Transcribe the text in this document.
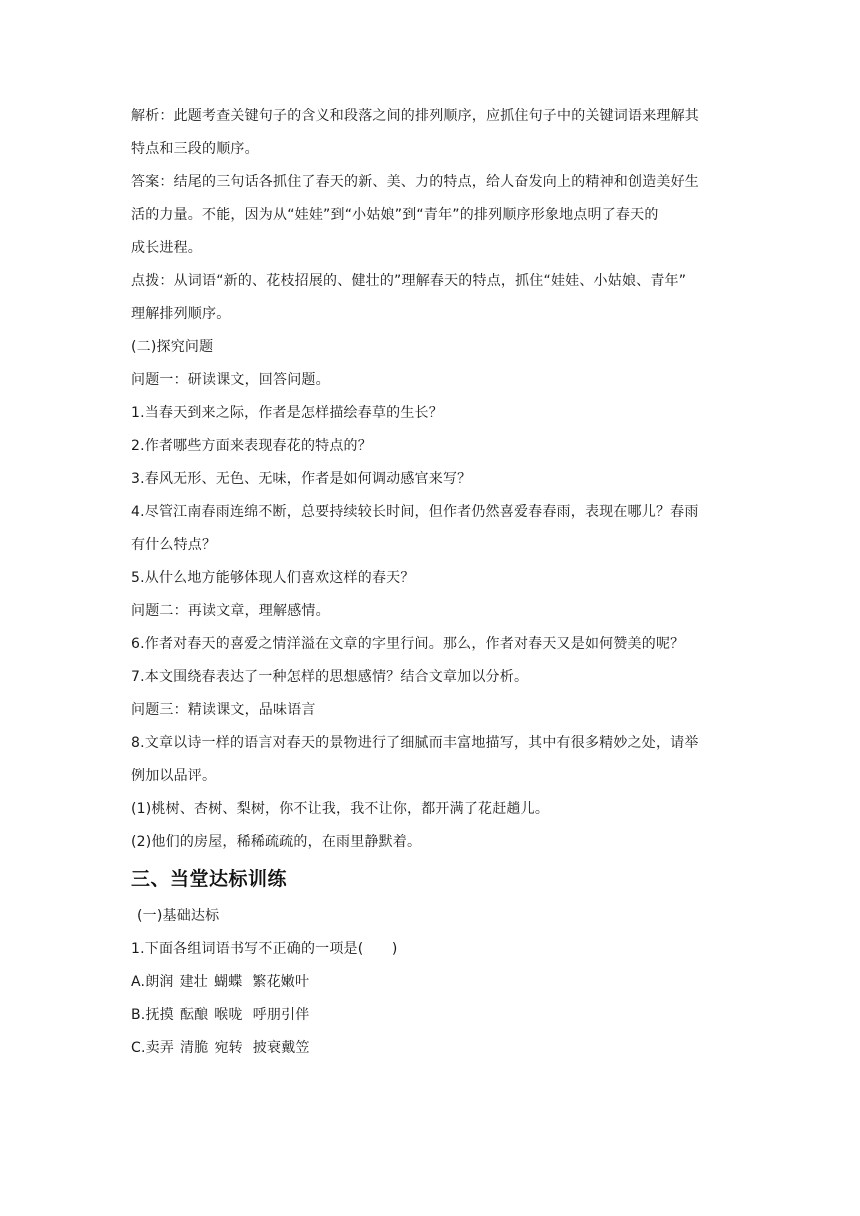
解析：此题考查关键句子的含义和段落之间的排列顺序，应抓住句子中的关键词语来理解其

特点和三段的顺序。

答案：结尾的三句话各抓住了春天的新、美、力的特点，给人奋发向上的精神和创造美好生

活的力量。不能，因为从“娃娃”到“小姑娘”到“青年”的排列顺序形象地点明了春天的

成长进程。

点拨：从词语“新的、花枝招展的、健壮的”理解春天的特点，抓住“娃娃、小姑娘、青年”

理解排列顺序。

(二)探究问题

问题一：研读课文，回答问题。

1.当春天到来之际，作者是怎样描绘春草的生长？

2.作者哪些方面来表现春花的特点的？

3.春风无形、无色、无味，作者是如何调动感官来写？

4.尽管江南春雨连绵不断，总要持续较长时间，但作者仍然喜爱春春雨，表现在哪儿？春雨

有什么特点？

5.从什么地方能够体现人们喜欢这样的春天？

问题二：再读文章，理解感情。

6.作者对春天的喜爱之情洋溢在文章的字里行间。那么，作者对春天又是如何赞美的呢？

7.本文围绕春表达了一种怎样的思想感情？结合文章加以分析。

问题三：精读课文，品味语言

8.文章以诗一样的语言对春天的景物进行了细腻而丰富地描写，其中有很多精妙之处，请举

例加以品评。

(1)桃树、杏树、梨树，你不让我，我不让你，都开满了花赶趟儿。

(2)他们的房屋，稀稀疏疏的，在雨里静默着。

三、当堂达标训练

(一)基础达标

1.下面各组词语书写不正确的一项是(　　)

A.朗润 建壮 蝴蝶 繁花嫩叶

B.抚摸 酝酿 喉咙 呼朋引伴

C.卖弄 清脆 宛转 披衰戴笠
